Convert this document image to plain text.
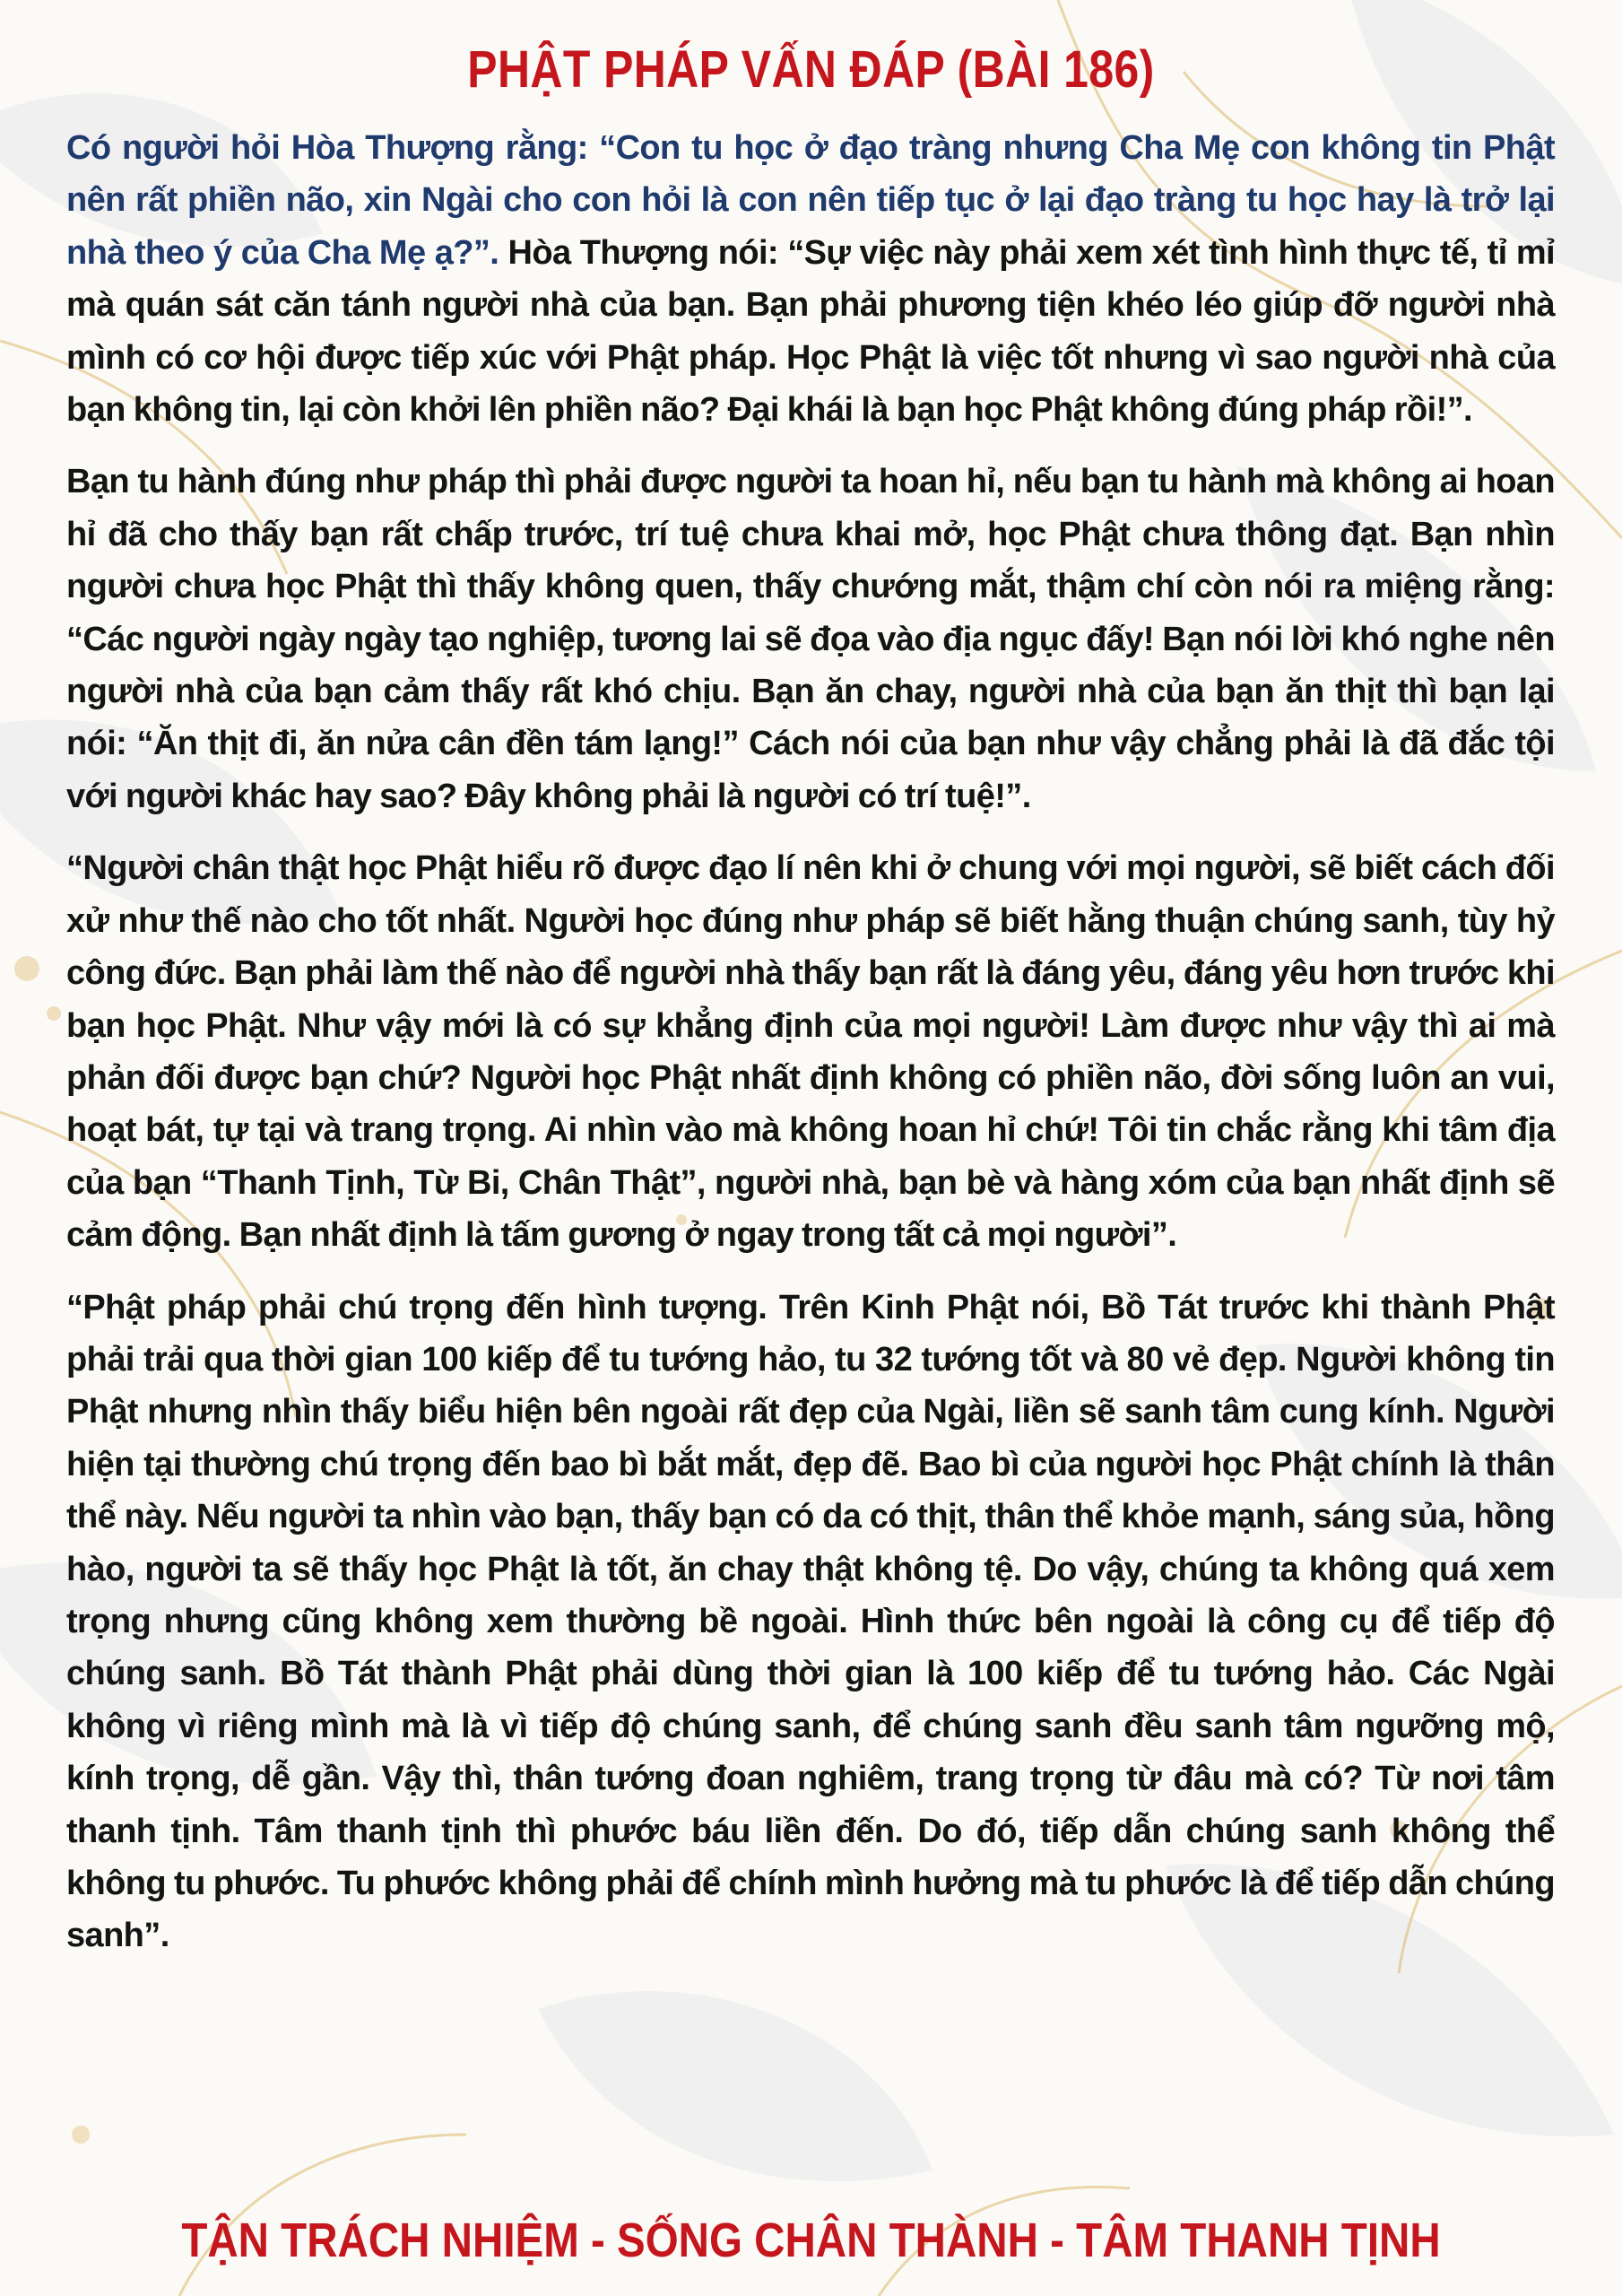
PHẬT PHÁP VẤN ĐÁP (BÀI 186)

Có người hỏi Hòa Thượng rằng: “Con tu học ở đạo tràng nhưng Cha Mẹ con không tin Phật nên rất phiền não, xin Ngài cho con hỏi là con nên tiếp tục ở lại đạo tràng tu học hay là trở lại nhà theo ý của Cha Mẹ ạ?”. Hòa Thượng nói: “Sự việc này phải xem xét tình hình thực tế, tỉ mỉ mà quán sát căn tánh người nhà của bạn. Bạn phải phương tiện khéo léo giúp đỡ người nhà mình có cơ hội được tiếp xúc với Phật pháp. Học Phật là việc tốt nhưng vì sao người nhà của bạn không tin, lại còn khởi lên phiền não? Đại khái là bạn học Phật không đúng pháp rồi!”.

Bạn tu hành đúng như pháp thì phải được người ta hoan hỉ, nếu bạn tu hành mà không ai hoan hỉ đã cho thấy bạn rất chấp trước, trí tuệ chưa khai mở, học Phật chưa thông đạt. Bạn nhìn người chưa học Phật thì thấy không quen, thấy chướng mắt, thậm chí còn nói ra miệng rằng: “Các người ngày ngày tạo nghiệp, tương lai sẽ đọa vào địa ngục đấy! Bạn nói lời khó nghe nên người nhà của bạn cảm thấy rất khó chịu. Bạn ăn chay, người nhà của bạn ăn thịt thì bạn lại nói: “Ăn thịt đi, ăn nửa cân đền tám lạng!” Cách nói của bạn như vậy chẳng phải là đã đắc tội với người khác hay sao? Đây không phải là người có trí tuệ!”.

“Người chân thật học Phật hiểu rõ được đạo lí nên khi ở chung với mọi người, sẽ biết cách đối xử như thế nào cho tốt nhất. Người học đúng như pháp sẽ biết hằng thuận chúng sanh, tùy hỷ công đức. Bạn phải làm thế nào để người nhà thấy bạn rất là đáng yêu, đáng yêu hơn trước khi bạn học Phật. Như vậy mới là có sự khẳng định của mọi người! Làm được như vậy thì ai mà phản đối được bạn chứ? Người học Phật nhất định không có phiền não, đời sống luôn an vui, hoạt bát, tự tại và trang trọng. Ai nhìn vào mà không hoan hỉ chứ! Tôi tin chắc rằng khi tâm địa của bạn “Thanh Tịnh, Từ Bi, Chân Thật”, người nhà, bạn bè và hàng xóm của bạn nhất định sẽ cảm động. Bạn nhất định là tấm gương ở ngay trong tất cả mọi người”.

“Phật pháp phải chú trọng đến hình tượng. Trên Kinh Phật nói, Bồ Tát trước khi thành Phật phải trải qua thời gian 100 kiếp để tu tướng hảo, tu 32 tướng tốt và 80 vẻ đẹp. Người không tin Phật nhưng nhìn thấy biểu hiện bên ngoài rất đẹp của Ngài, liền sẽ sanh tâm cung kính. Người hiện tại thường chú trọng đến bao bì bắt mắt, đẹp đẽ. Bao bì của người học Phật chính là thân thể này. Nếu người ta nhìn vào bạn, thấy bạn có da có thịt, thân thể khỏe mạnh, sáng sủa, hồng hào, người ta sẽ thấy học Phật là tốt, ăn chay thật không tệ. Do vậy, chúng ta không quá xem trọng nhưng cũng không xem thường bề ngoài. Hình thức bên ngoài là công cụ để tiếp độ chúng sanh. Bồ Tát thành Phật phải dùng thời gian là 100 kiếp để tu tướng hảo. Các Ngài không vì riêng mình mà là vì tiếp độ chúng sanh, để chúng sanh đều sanh tâm ngưỡng mộ, kính trọng, dễ gần. Vậy thì, thân tướng đoan nghiêm, trang trọng từ đâu mà có? Từ nơi tâm thanh tịnh. Tâm thanh tịnh thì phước báu liền đến. Do đó, tiếp dẫn chúng sanh không thể không tu phước. Tu phước không phải để chính mình hưởng mà tu phước là để tiếp dẫn chúng sanh”.

TẬN TRÁCH NHIỆM - SỐNG CHÂN THÀNH - TÂM THANH TỊNH
